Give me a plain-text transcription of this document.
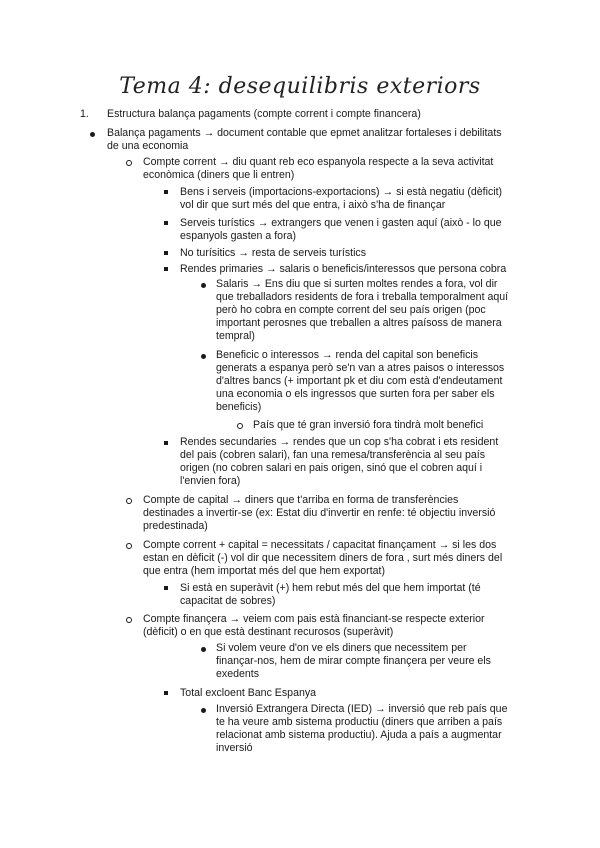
Tema 4: desequilibris exteriors
1. Estructura balança pagaments (compte corrent i compte financera)
Balança pagaments → document contable que epmet analitzar fortaleses i debilitats
de una economia
Compte corrent → diu quant reb eco espanyola respecte a la seva activitat
econòmica (diners que li entren)
Bens i serveis (importacions-exportacions) → si està negatiu (dèficit)
vol dir que surt més del que entra, i això s'ha de finançar
Serveis turístics → extrangers que venen i gasten aquí (això - lo que
espanyols gasten a fora)
No turísitics → resta de serveis turístics
Rendes primaries → salaris o beneficis/interessos que persona cobra
Salaris → Ens diu que si surten moltes rendes a fora, vol dir
que treballadors residents de fora i treballa temporalment aquí
però ho cobra en compte corrent del seu país origen (poc
important perosnes que treballen a altres paísoss de manera
tempral)
Beneficic o interessos → renda del capital son beneficis
generats a espanya però se'n van a atres paisos o interessos
d'altres bancs (+ important pk et diu com està d'endeutament
una economia o els ingressos que surten fora per saber els
beneficis)
País que té gran inversió fora tindrà molt benefici
Rendes secundaries → rendes que un cop s'ha cobrat i ets resident
del pais (cobren salari), fan una remesa/transferència al seu país
origen (no cobren salari en pais origen, sinó que el cobren aquí i
l'envien fora)
Compte de capital → diners que t'arriba en forma de transferències
destinades a invertir-se (ex: Estat diu d'invertir en renfe: té objectiu inversió
predestinada)
Compte corrent + capital = necessitats / capacitat finançament → si les dos
estan en dèficit (-) vol dir que necessitem diners de fora , surt més diners del
que entra (hem importat més del que hem exportat)
Si està en superàvit (+) hem rebut més del que hem importat (té
capacitat de sobres)
Compte finançera → veiem com pais està financiant-se respecte exterior
(dèficit) o en que està destinant recurosos (superàvit)
Si volem veure d'on ve els diners que necessitem per
finançar-nos, hem de mirar compte finançera per veure els
exedents
Total excloent Banc Espanya
Inversió Extrangera Directa (IED) → inversió que reb país que
te ha veure amb sistema productiu (diners que arriben a país
relacionat amb sistema productiu). Ajuda a país a augmentar
inversió
